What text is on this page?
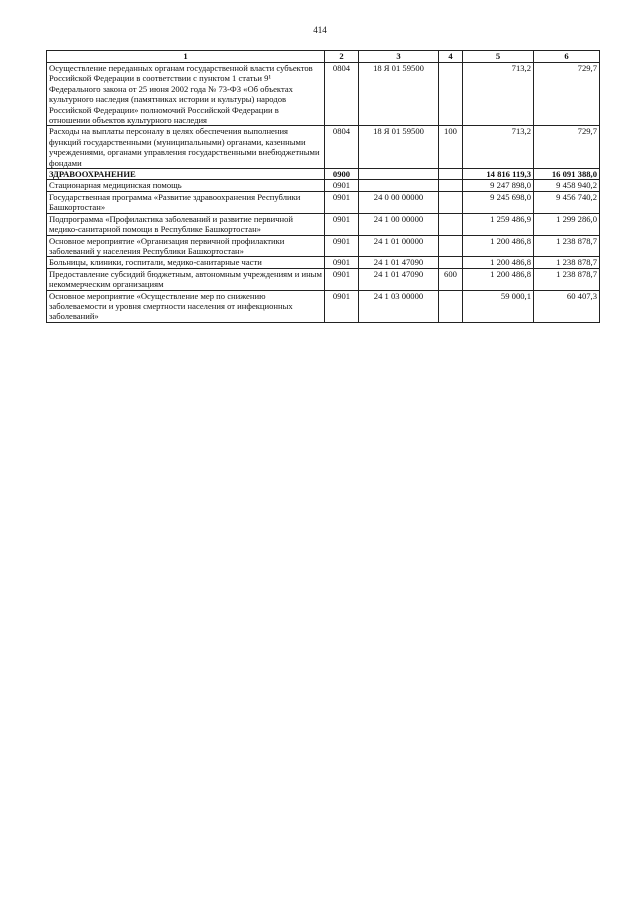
414
1	2	3	4	5	6
Осуществление переданных органам государственной власти субъектов Российской Федерации в соответствии с пунктом 1 статьи 9¹ Федерального закона от 25 июня 2002 года № 73-ФЗ «Об объектах культурного наследия (памятниках истории и культуры) народов Российской Федерации» полномочий Российской Федерации в отношении объектов культурного наследия	0804	18 Я 01 59500		713,2	729,7
Расходы на выплаты персоналу в целях обеспечения выполнения функций государственными (муниципальными) органами, казенными учреждениями, органами управления государственными внебюджетными фондами	0804	18 Я 01 59500	100	713,2	729,7
ЗДРАВООХРАНЕНИЕ	0900			14 816 119,3	16 091 388,0
Стационарная медицинская помощь	0901			9 247 898,0	9 458 940,2
Государственная программа «Развитие здравоохранения Республики Башкортостан»	0901	24 0 00 00000		9 245 698,0	9 456 740,2
Подпрограмма «Профилактика заболеваний и развитие первичной медико-санитарной помощи в Республике Башкортостан»	0901	24 1 00 00000		1 259 486,9	1 299 286,0
Основное мероприятие «Организация первичной профилактики заболеваний у населения Республики Башкортостан»	0901	24 1 01 00000		1 200 486,8	1 238 878,7
Больницы, клиники, госпитали, медико-санитарные части	0901	24 1 01 47090		1 200 486,8	1 238 878,7
Предоставление субсидий бюджетным, автономным учреждениям и иным некоммерческим организациям	0901	24 1 01 47090	600	1 200 486,8	1 238 878,7
Основное мероприятие «Осуществление мер по снижению заболеваемости и уровня смертности населения от инфекционных заболеваний»	0901	24 1 03 00000		59 000,1	60 407,3
